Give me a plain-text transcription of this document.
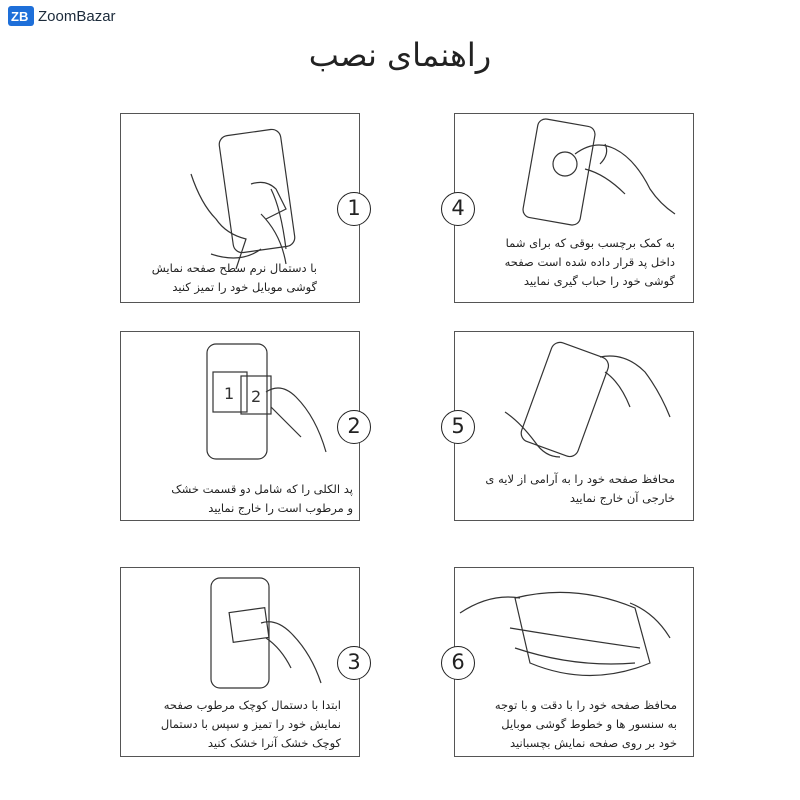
ZB ZoomBazar
راهنمای نصب
1
با دستمال نرم سطح صفحه نمایش
گوشی موبایل خود را تمیز کنید
4
به کمک برچسب بوقی که برای شما
داخل پد قرار داده شده است صفحه
گوشی خود را حباب گیری نمایید
1 2
2
پد الکلی را که شامل دو قسمت خشک
و مرطوب است را خارج نمایید
5
محافظ صفحه خود را به آرامی از لایه ی
خارجی آن خارج نمایید
3
ابتدا با دستمال کوچک مرطوب صفحه
نمایش خود را تمیز و سپس با دستمال
کوچک خشک آنرا خشک کنید
6
محافظ صفحه خود را با دقت و با توجه
به سنسور ها و خطوط گوشی موبایل
خود بر روی صفحه نمایش بچسبانید
